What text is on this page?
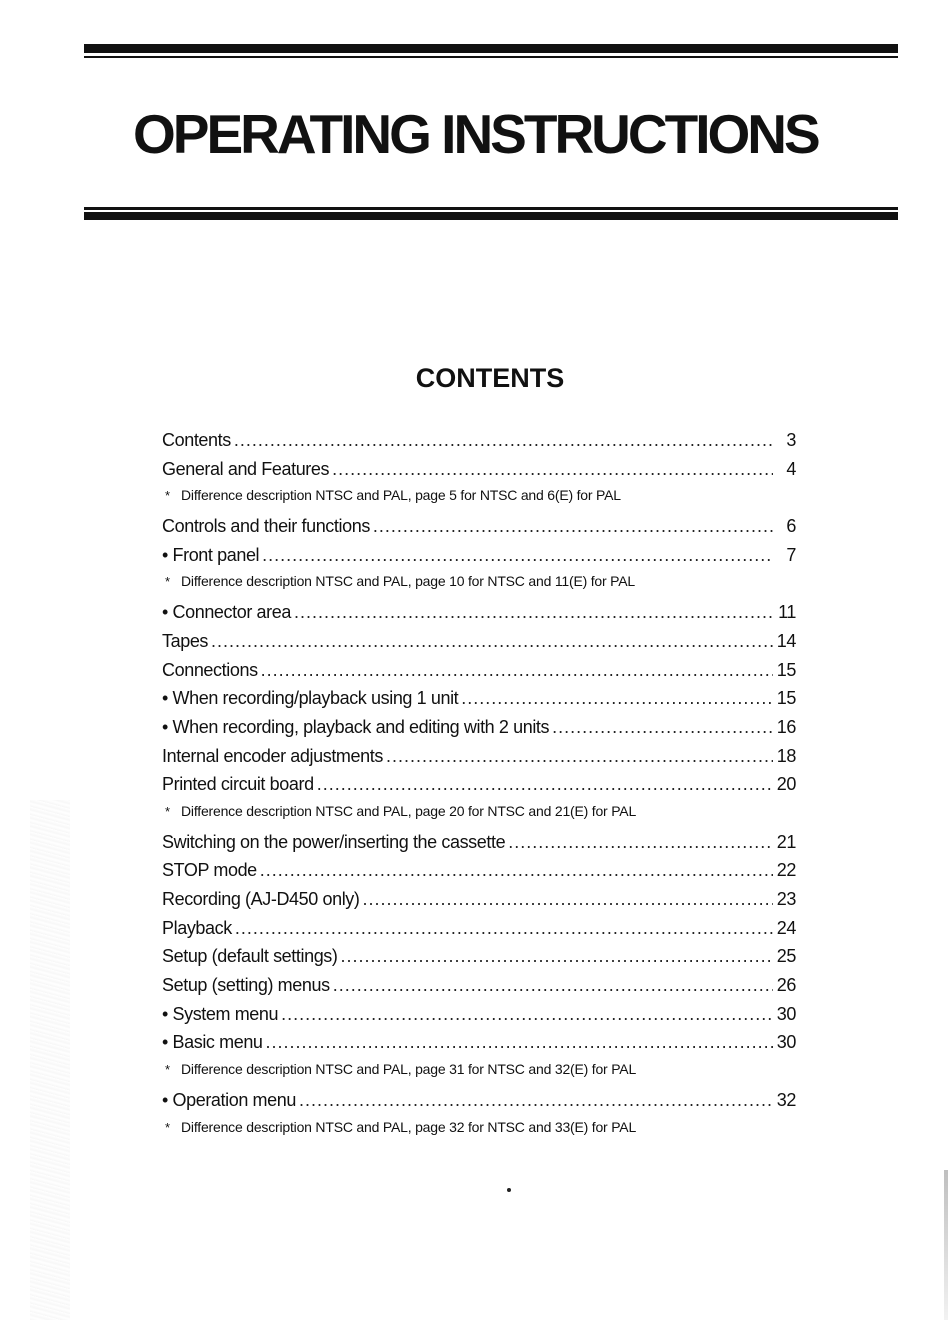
OPERATING INSTRUCTIONS
CONTENTS
Contents .....	3
General and Features .....	4
* Difference description NTSC and PAL, page 5 for NTSC and 6(E) for PAL
Controls and their functions .....	6
• Front panel .....	7
* Difference description NTSC and PAL, page 10 for NTSC and 11(E) for PAL
• Connector area .....	11
Tapes .....	14
Connections .....	15
• When recording/playback using 1 unit .....	15
• When recording, playback and editing with 2 units .....	16
Internal encoder adjustments .....	18
Printed circuit board .....	20
* Difference description NTSC and PAL, page 20 for NTSC and 21(E) for PAL
Switching on the power/inserting the cassette .....	21
STOP mode .....	22
Recording (AJ-D450 only) .....	23
Playback .....	24
Setup (default settings) .....	25
Setup (setting) menus .....	26
• System menu .....	30
• Basic menu .....	30
* Difference description NTSC and PAL, page 31 for NTSC and 32(E) for PAL
• Operation menu .....	32
* Difference description NTSC and PAL, page 32 for NTSC and 33(E) for PAL
